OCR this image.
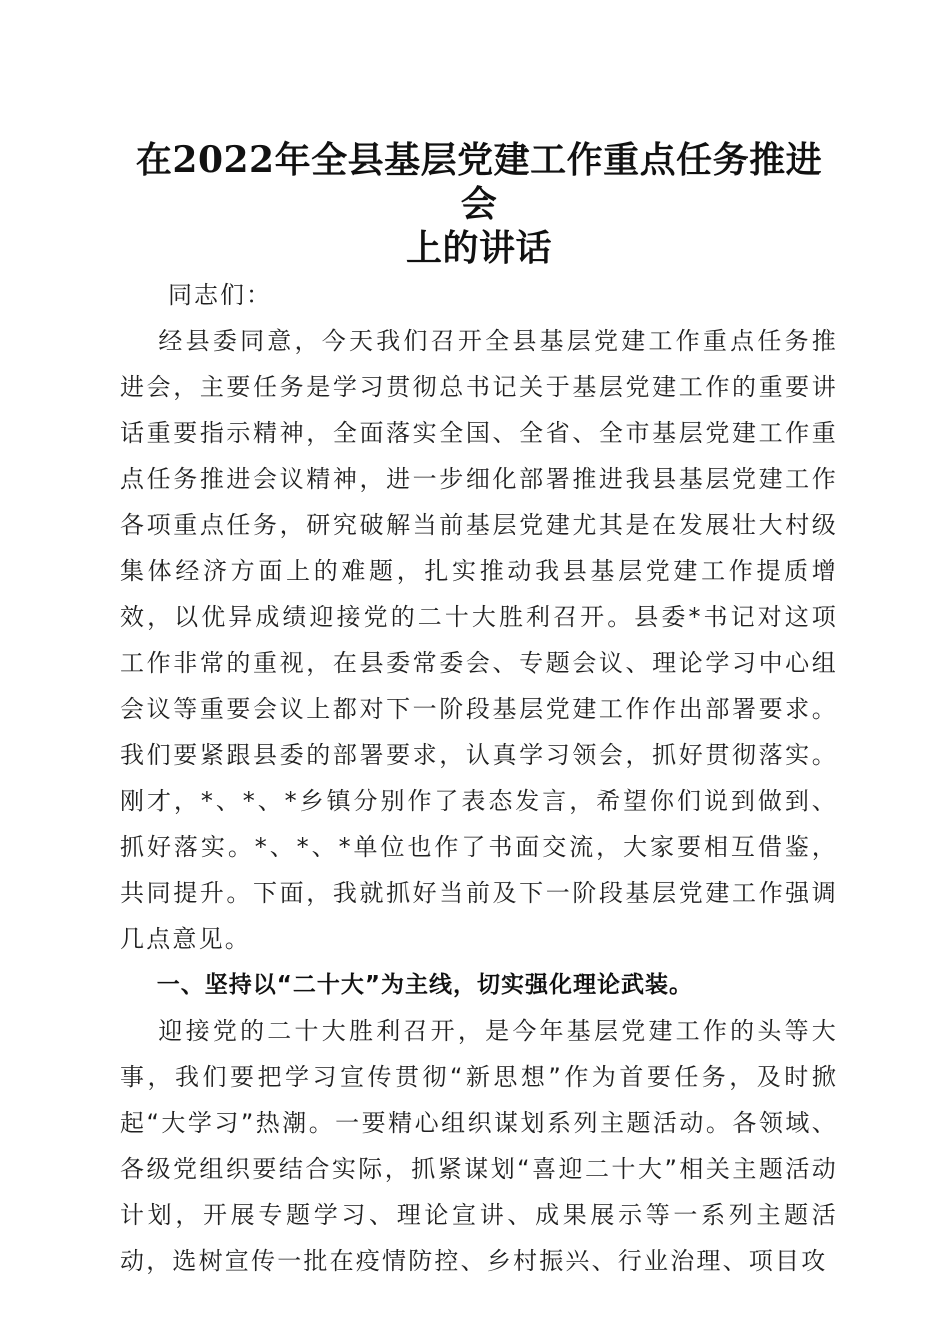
在2022年全县基层党建工作重点任务推进会
上的讲话

同志们：

经县委同意，今天我们召开全县基层党建工作重点任务推进会，主要任务是学习贯彻总书记关于基层党建工作的重要讲话重要指示精神，全面落实全国、全省、全市基层党建工作重点任务推进会议精神，进一步细化部署推进我县基层党建工作各项重点任务，研究破解当前基层党建尤其是在发展壮大村级集体经济方面上的难题，扎实推动我县基层党建工作提质增效，以优异成绩迎接党的二十大胜利召开。县委*书记对这项工作非常的重视，在县委常委会、专题会议、理论学习中心组会议等重要会议上都对下一阶段基层党建工作作出部署要求。我们要紧跟县委的部署要求，认真学习领会，抓好贯彻落实。刚才，*、*、*乡镇分别作了表态发言，希望你们说到做到、抓好落实。*、*、*单位也作了书面交流，大家要相互借鉴，共同提升。下面，我就抓好当前及下一阶段基层党建工作强调几点意见。

一、坚持以“二十大”为主线，切实强化理论武装。

迎接党的二十大胜利召开，是今年基层党建工作的头等大事，我们要把学习宣传贯彻“新思想”作为首要任务，及时掀起“大学习”热潮。一要精心组织谋划系列主题活动。各领域、各级党组织要结合实际，抓紧谋划“喜迎二十大”相关主题活动计划，开展专题学习、理论宣讲、成果展示等一系列主题活动，选树宣传一批在疫情防控、乡村振兴、行业治理、项目攻
